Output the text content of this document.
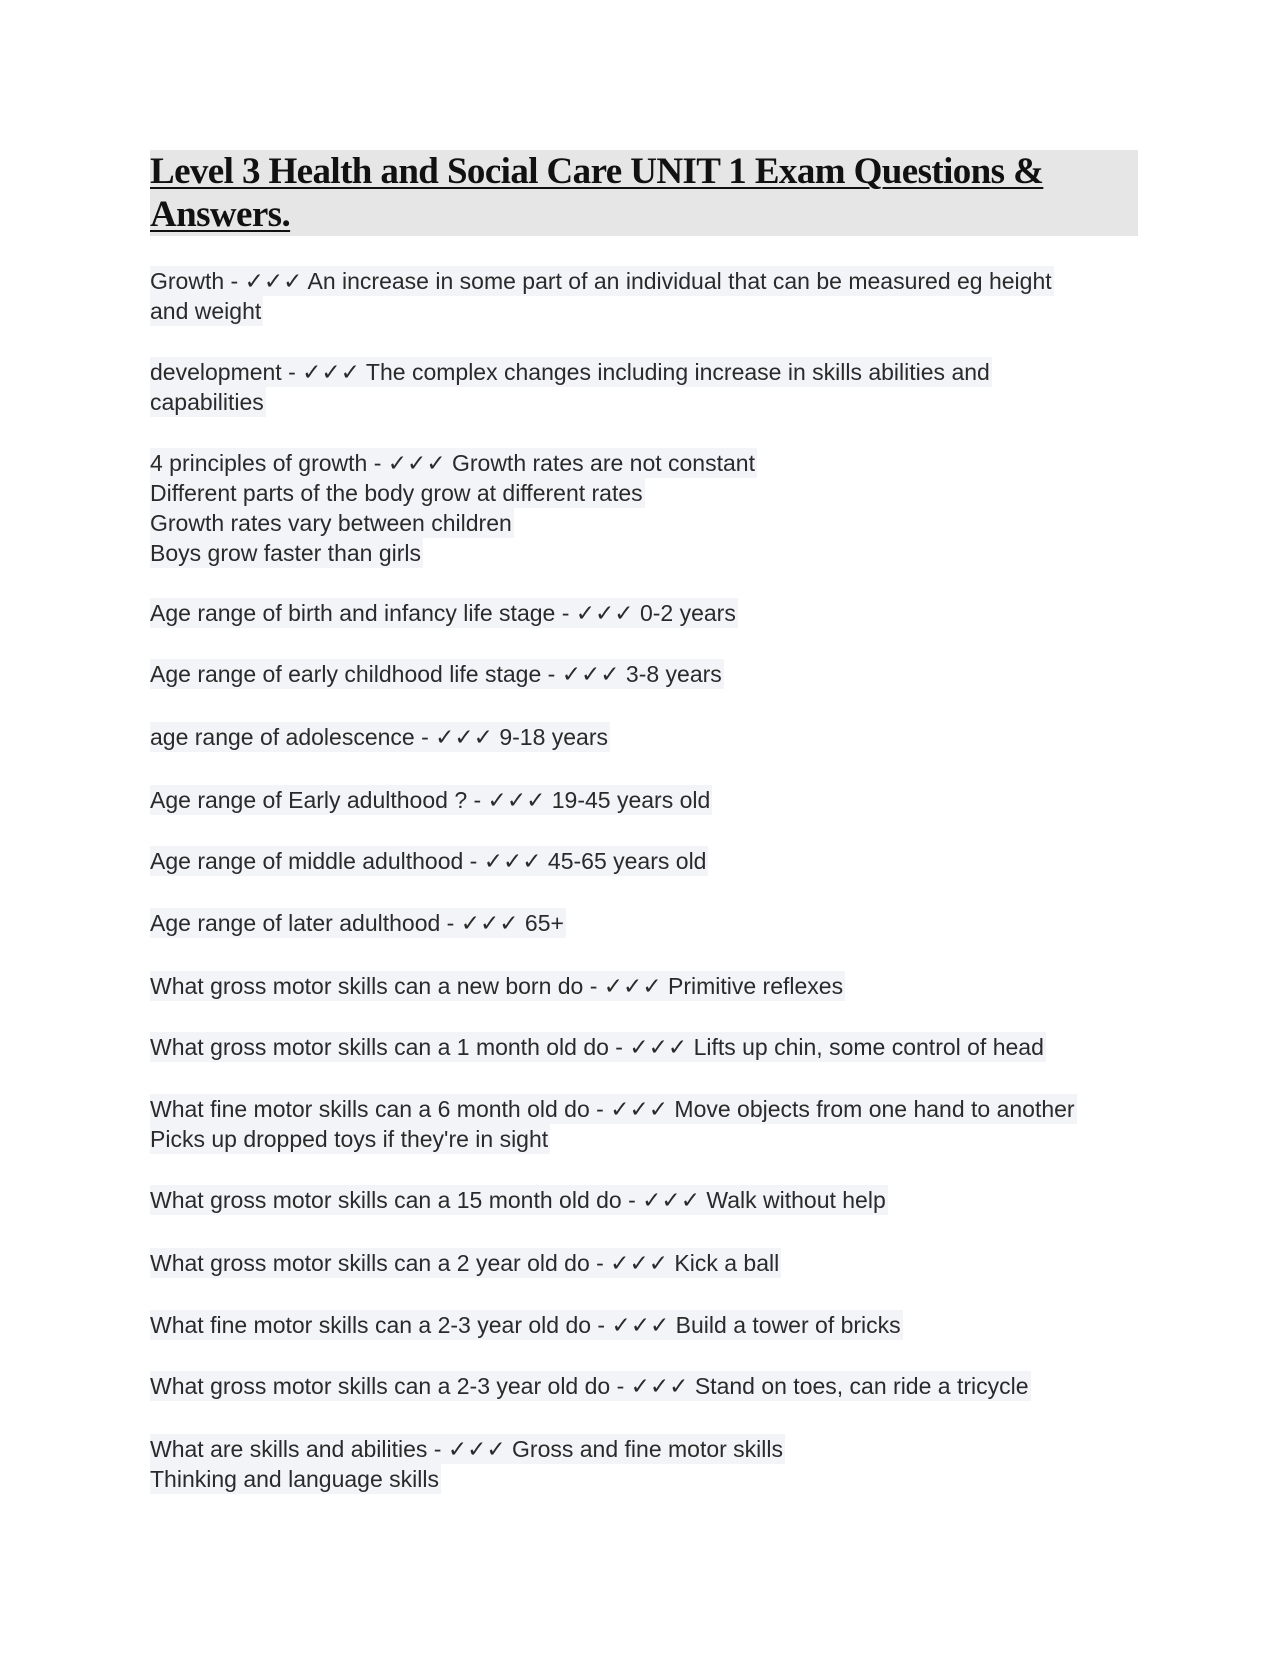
Level 3 Health and Social Care UNIT 1 Exam Questions &
Answers.

Growth - ✓✓✓ An increase in some part of an individual that can be measured eg height
and weight

development - ✓✓✓ The complex changes including increase in skills abilities and
capabilities

4 principles of growth - ✓✓✓ Growth rates are not constant
Different parts of the body grow at different rates
Growth rates vary between children
Boys grow faster than girls

Age range of birth and infancy life stage - ✓✓✓ 0-2 years

Age range of early childhood life stage - ✓✓✓ 3-8 years

age range of adolescence - ✓✓✓ 9-18 years

Age range of Early adulthood ? - ✓✓✓ 19-45 years old

Age range of middle adulthood - ✓✓✓ 45-65 years old

Age range of later adulthood - ✓✓✓ 65+

What gross motor skills can a new born do - ✓✓✓ Primitive reflexes

What gross motor skills can a 1 month old do - ✓✓✓ Lifts up chin, some control of head

What fine motor skills can a 6 month old do - ✓✓✓ Move objects from one hand to another
Picks up dropped toys if they're in sight

What gross motor skills can a 15 month old do - ✓✓✓ Walk without help

What gross motor skills can a 2 year old do - ✓✓✓ Kick a ball

What fine motor skills can a 2-3 year old do - ✓✓✓ Build a tower of bricks

What gross motor skills can a 2-3 year old do - ✓✓✓ Stand on toes, can ride a tricycle

What are skills and abilities - ✓✓✓ Gross and fine motor skills
Thinking and language skills
